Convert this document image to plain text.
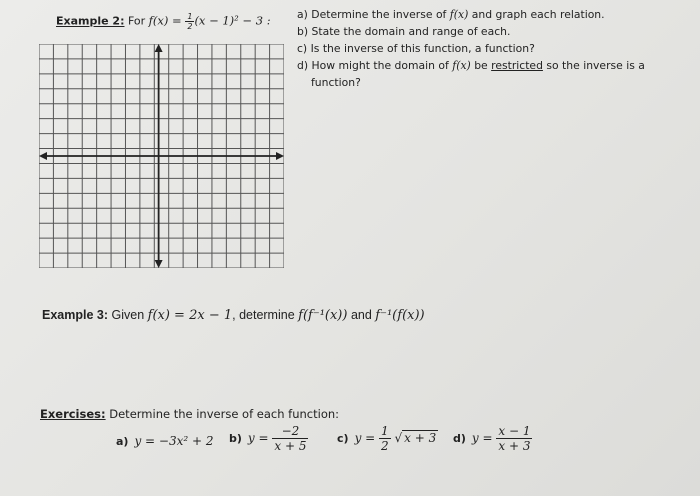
Example 2: For $f(x) = \frac{1}{2} (x - 1)^2 - 3$ : a) Determine the inverse of f(x) and graph each relation.
b) State the domain and range of each.
c) Is the inverse of this function, a function?
d) How might the domain of f(x) be restricted so the inverse is a
function?
Example 3: Given f(x) = 2x − 1, determine f(f⁻¹(x)) and f⁻¹(f(x))
Exercises: Determine the inverse of each function:
a) y = −3x² + 2 b) $y = \frac{-2}{x + 5}$	c) $y = \frac{1}{2}$ √ x + 3 d) $y = \frac{x - 1}{x + 3}$
